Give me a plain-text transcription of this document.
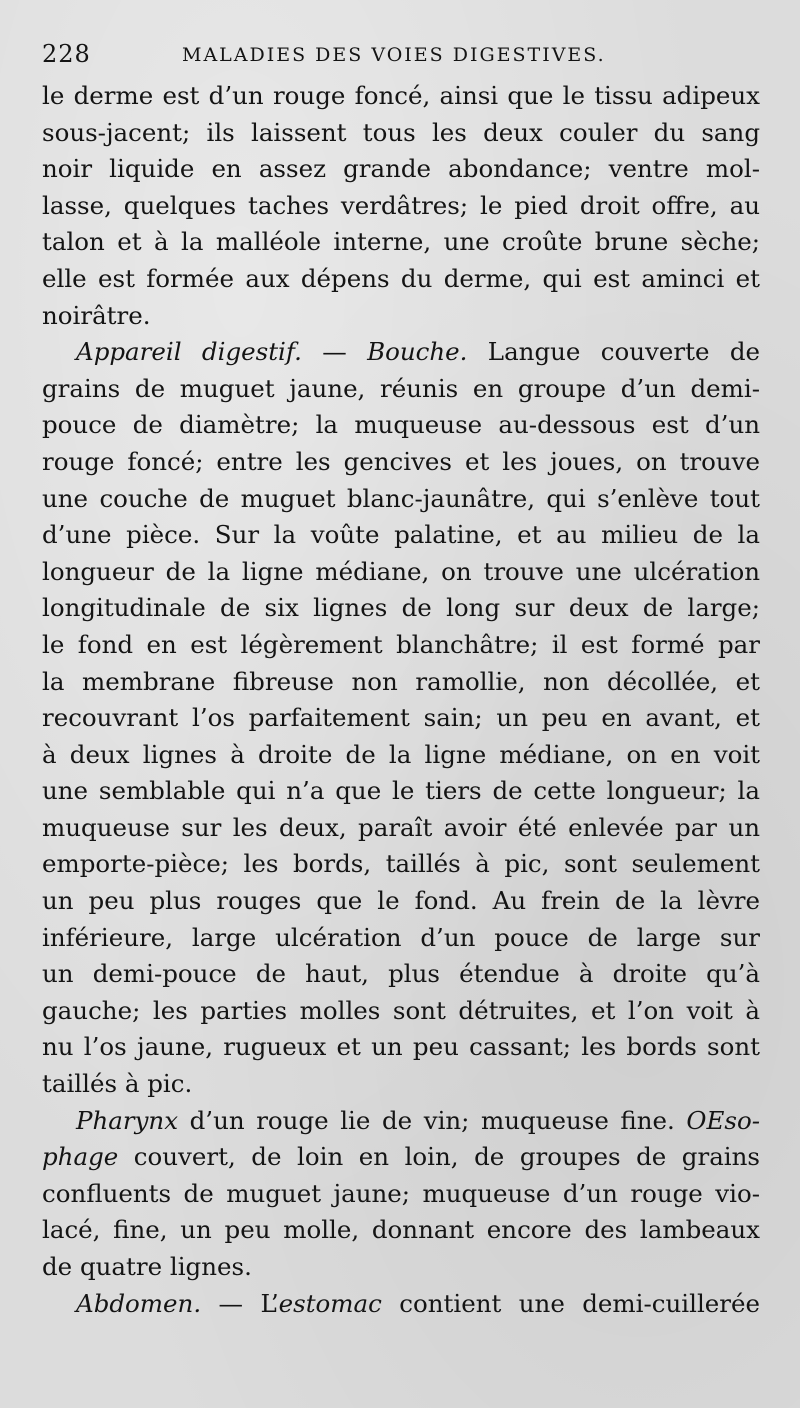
228	MALADIES DES VOIES DIGESTIVES.
le derme est d’un rouge foncé, ainsi que le tissu adipeux
sous-jacent; ils laissent tous les deux couler du sang
noir liquide en assez grande abondance; ventre mol-
lasse, quelques taches verdâtres; le pied droit offre, au
talon et à la malléole interne, une croûte brune sèche;
elle est formée aux dépens du derme, qui est aminci et
noirâtre.
Appareil digestif. — Bouche. Langue couverte de
grains de muguet jaune, réunis en groupe d’un demi-
pouce de diamètre; la muqueuse au-dessous est d’un
rouge foncé; entre les gencives et les joues, on trouve
une couche de muguet blanc-jaunâtre, qui s’enlève tout
d’une pièce. Sur la voûte palatine, et au milieu de la
longueur de la ligne médiane, on trouve une ulcération
longitudinale de six lignes de long sur deux de large;
le fond en est légèrement blanchâtre; il est formé par
la membrane fibreuse non ramollie, non décollée, et
recouvrant l’os parfaitement sain; un peu en avant, et
à deux lignes à droite de la ligne médiane, on en voit
une semblable qui n’a que le tiers de cette longueur; la
muqueuse sur les deux, paraît avoir été enlevée par un
emporte-pièce; les bords, taillés à pic, sont seulement
un peu plus rouges que le fond. Au frein de la lèvre
inférieure, large ulcération d’un pouce de large sur
un demi-pouce de haut, plus étendue à droite qu’à
gauche; les parties molles sont détruites, et l’on voit à
nu l’os jaune, rugueux et un peu cassant; les bords sont
taillés à pic.
Pharynx d’un rouge lie de vin; muqueuse fine. OEso-
phage couvert, de loin en loin, de groupes de grains
confluents de muguet jaune; muqueuse d’un rouge vio-
lacé, fine, un peu molle, donnant encore des lambeaux
de quatre lignes.
Abdomen. — L’estomac contient une demi-cuillerée
